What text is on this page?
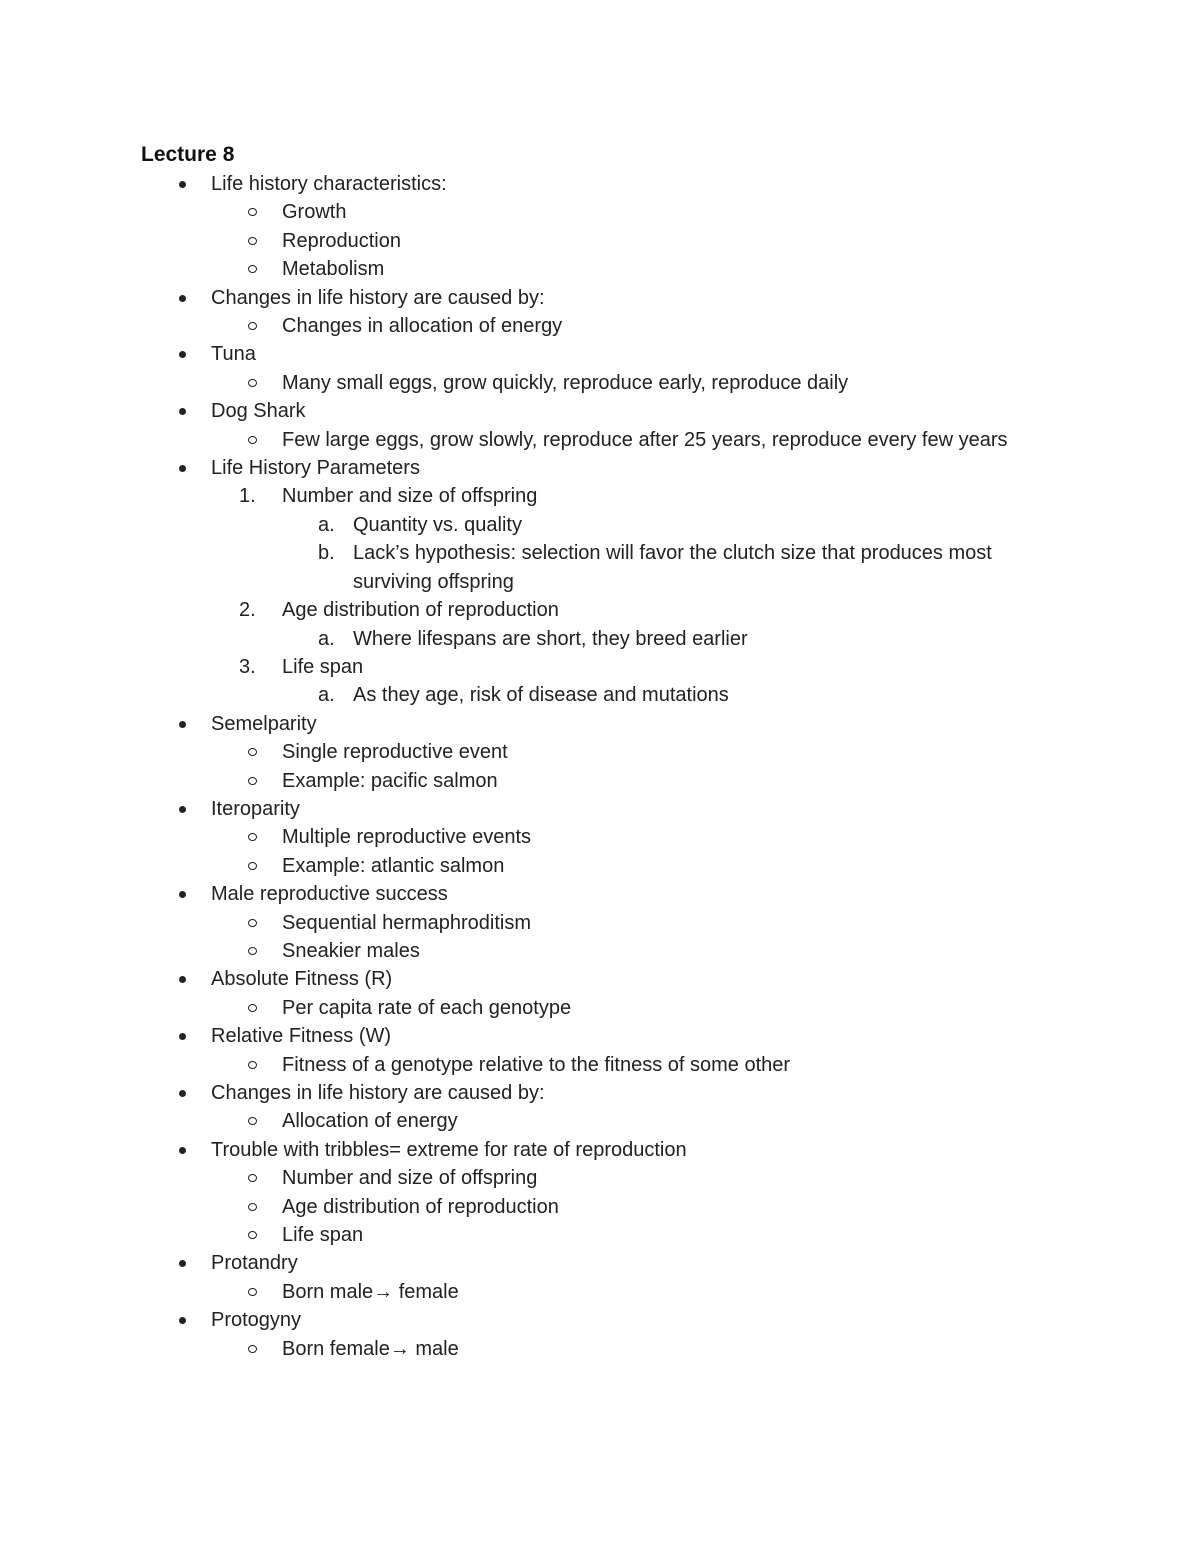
Lecture 8
Life history characteristics:
Growth
Reproduction
Metabolism
Changes in life history are caused by:
Changes in allocation of energy
Tuna
Many small eggs, grow quickly, reproduce early, reproduce daily
Dog Shark
Few large eggs, grow slowly, reproduce after 25 years, reproduce every few years
Life History Parameters
1.	Number and size of offspring
a. Quantity vs. quality
b. Lack’s hypothesis: selection will favor the clutch size that produces most surviving offspring
2.	Age distribution of reproduction
a. Where lifespans are short, they breed earlier
3.	Life span
a. As they age, risk of disease and mutations
Semelparity
Single reproductive event
Example: pacific salmon
Iteroparity
Multiple reproductive events
Example: atlantic salmon
Male reproductive success
Sequential hermaphroditism
Sneakier males
Absolute Fitness (R)
Per capita rate of each genotype
Relative Fitness (W)
Fitness of a genotype relative to the fitness of some other
Changes in life history are caused by:
Allocation of energy
Trouble with tribbles= extreme for rate of reproduction
Number and size of offspring
Age distribution of reproduction
Life span
Protandry
Born male→ female
Protogyny
Born female→ male
